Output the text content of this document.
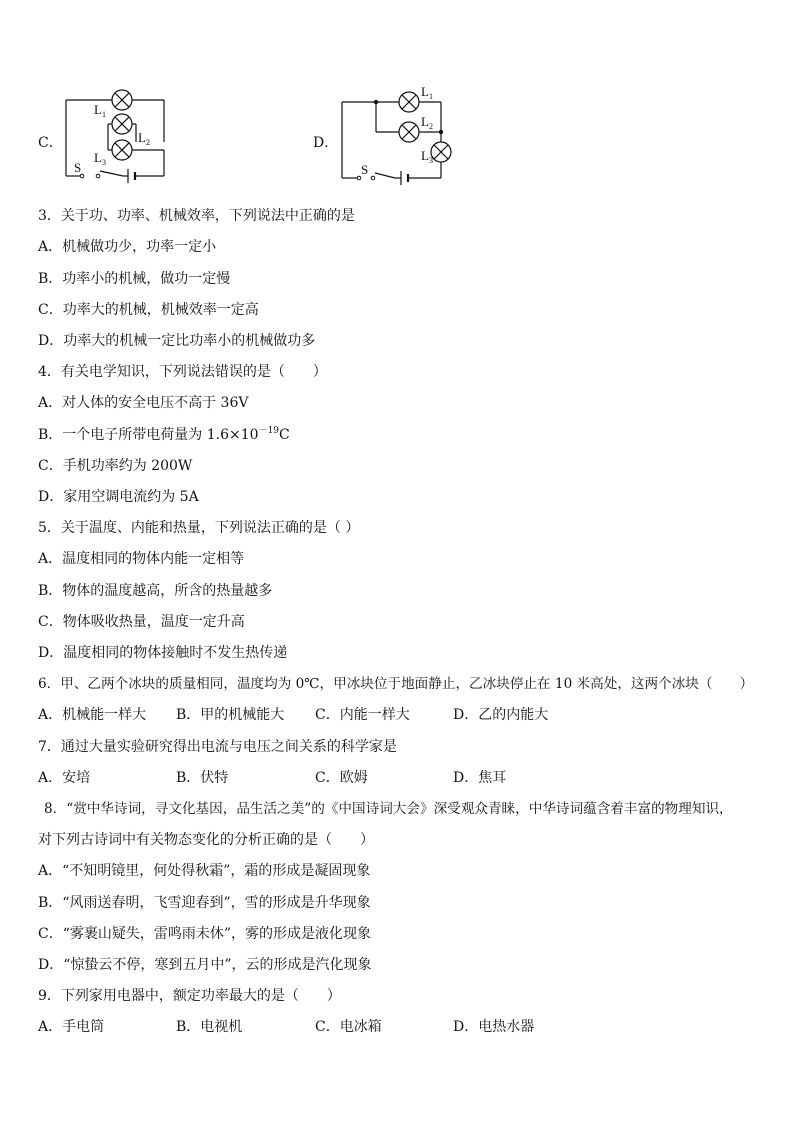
C．
$L_1$
$L_2$
$L_3$
S
D．
$L_1$
$L_2$
$L_3$
S
3．关于功、功率、机械效率，下列说法中正确的是
A．机械做功少，功率一定小
B．功率小的机械，做功一定慢
C．功率大的机械，机械效率一定高
D．功率大的机械一定比功率小的机械做功多
4．有关电学知识，下列说法错误的是（　　）
A．对人体的安全电压不高于 36V
B．一个电子所带电荷量为 $1.6\times 10^{-19}C$
C．手机功率约为 200W
D．家用空调电流约为 5A
5．关于温度、内能和热量，下列说法正确的是（ ）
A．温度相同的物体内能一定相等
B．物体的温度越高，所含的热量越多
C．物体吸收热量，温度一定升高
D．温度相同的物体接触时不发生热传递
6．甲、乙两个冰块的质量相同，温度均为 0℃，甲冰块位于地面静止，乙冰块停止在 10 米高处，这两个冰块（　　）
A．机械能一样大 B．甲的机械能大 C．内能一样大	D．乙的内能大
7．通过大量实验研究得出电流与电压之间关系的科学家是
A．安培	B．伏特	C．欧姆	D．焦耳
8．“赏中华诗词，寻文化基因，品生活之美”的《中国诗词大会》深受观众青睐，中华诗词蕴含着丰富的物理知识，
对下列古诗词中有关物态变化的分析正确的是（　　）
A．“不知明镜里，何处得秋霜”，霜的形成是凝固现象
B．“风雨送春明，飞雪迎春到”，雪的形成是升华现象
C．“雾裹山疑失，雷鸣雨未休”，雾的形成是液化现象
D．“惊蛰云不停，寒到五月中”，云的形成是汽化现象
9．下列家用电器中，额定功率最大的是（　　）
A．手电筒	B．电视机	C．电冰箱	D．电热水器
